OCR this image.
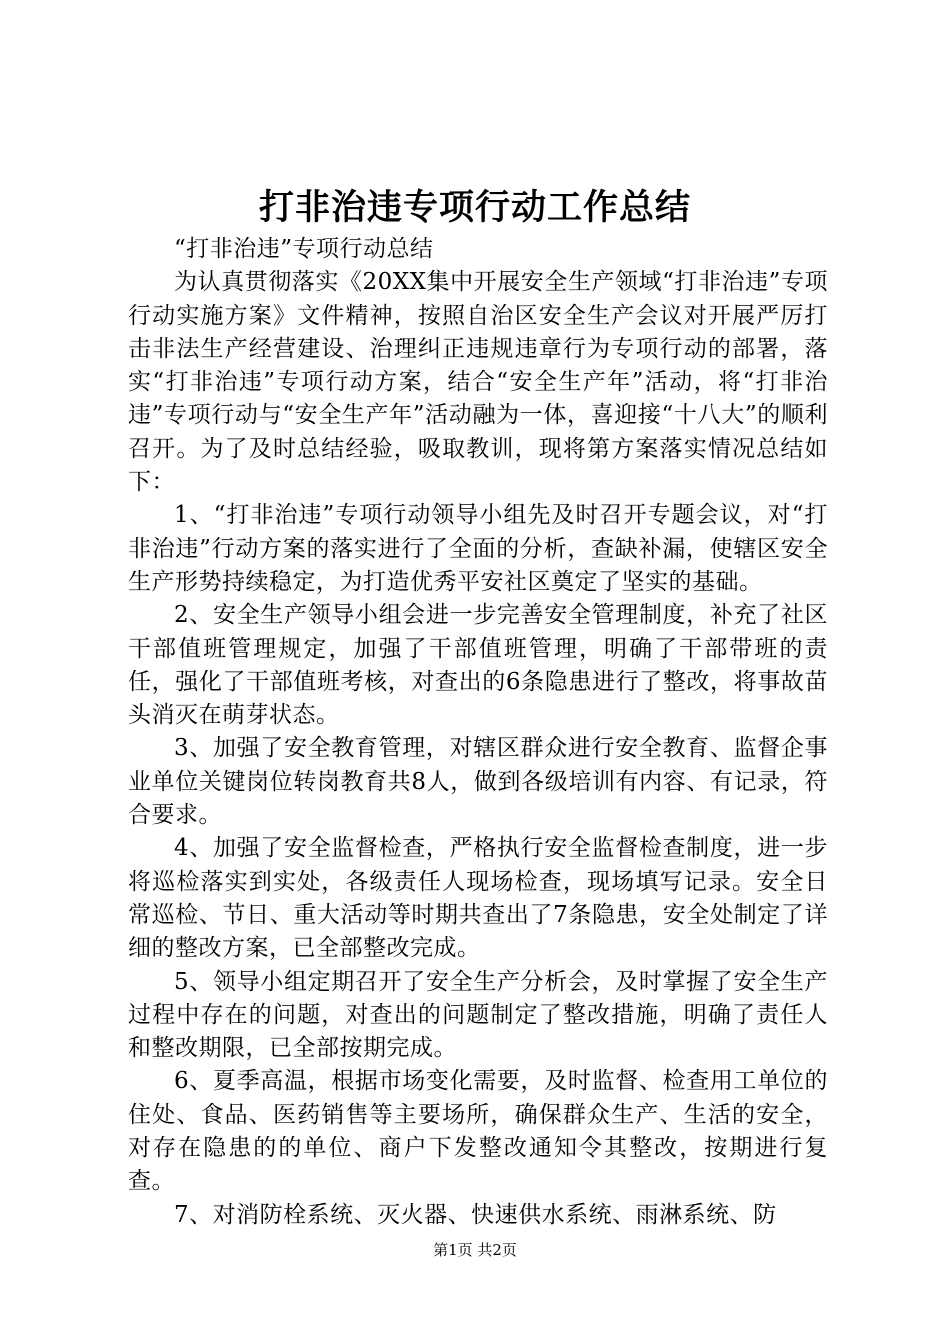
打非治违专项行动工作总结

“打非治违”专项行动总结

为认真贯彻落实《20XX集中开展安全生产领域“打非治违”专项行动实施方案》文件精神，按照自治区安全生产会议对开展严厉打击非法生产经营建设、治理纠正违规违章行为专项行动的部署，落实“打非治违”专项行动方案，结合“安全生产年”活动，将“打非治违”专项行动与“安全生产年”活动融为一体，喜迎接“十八大”的顺利召开。为了及时总结经验，吸取教训，现将第方案落实情况总结如下：

1、“打非治违”专项行动领导小组先及时召开专题会议，对“打非治违”行动方案的落实进行了全面的分析，查缺补漏，使辖区安全生产形势持续稳定，为打造优秀平安社区奠定了坚实的基础。

2、安全生产领导小组会进一步完善安全管理制度，补充了社区干部值班管理规定，加强了干部值班管理，明确了干部带班的责任，强化了干部值班考核，对查出的6条隐患进行了整改，将事故苗头消灭在萌芽状态。

3、加强了安全教育管理，对辖区群众进行安全教育、监督企事业单位关键岗位转岗教育共8人，做到各级培训有内容、有记录，符合要求。

4、加强了安全监督检查，严格执行安全监督检查制度，进一步将巡检落实到实处，各级责任人现场检查，现场填写记录。安全日常巡检、节日、重大活动等时期共查出了7条隐患，安全处制定了详细的整改方案，已全部整改完成。

5、领导小组定期召开了安全生产分析会，及时掌握了安全生产过程中存在的问题，对查出的问题制定了整改措施，明确了责任人和整改期限，已全部按期完成。

6、夏季高温，根据市场变化需要，及时监督、检查用工单位的住处、食品、医药销售等主要场所，确保群众生产、生活的安全，对存在隐患的的单位、商户下发整改通知令其整改，按期进行复查。

7、对消防栓系统、灭火器、快速供水系统、雨淋系统、防

第1页 共2页
